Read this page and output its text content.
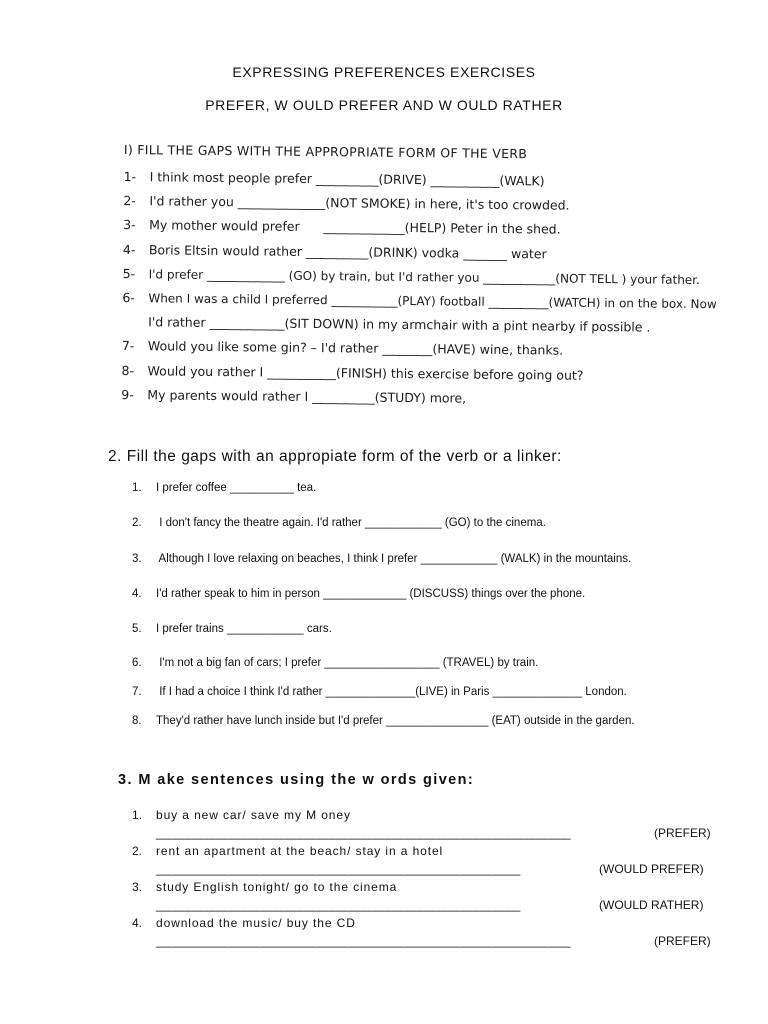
EXPRESSING PREFERENCES EXERCISES
PREFER, W OULD PREFER AND W OULD RATHER
I) FILL THE GAPS WITH THE APPROPRIATE FORM OF THE VERB
1-	I think most people prefer __________(DRIVE) ___________(WALK)
2-	I'd rather you ______________(NOT SMOKE) in here, it's too crowded.
3-	My mother would prefer      _____________(HELP) Peter in the shed.
4-	Boris Eltsin would rather __________(DRINK) vodka _______ water
5-	I'd prefer _____________ (GO) by train, but I'd rather you ____________(NOT TELL ) your father.
6-	When I was a child I preferred ___________(PLAY) football __________(WATCH) in on the box. Now
I'd rather ____________(SIT DOWN) in my armchair with a pint nearby if possible .
7-	Would you like some gin? – I'd rather ________(HAVE) wine, thanks.
8-	Would you rather I ___________(FINISH) this exercise before going out?
9-	My parents would rather I __________(STUDY) more,
2. Fill the gaps with an appropiate form of the verb or a linker:
1. I prefer coffee __________ tea.
2. I don't fancy the theatre again. I'd rather ____________ (GO) to the cinema.
3. Although I love relaxing on beaches, I think I prefer ____________ (WALK) in the mountains.
4. I'd rather speak to him in person _____________ (DISCUSS) things over the phone.
5. I prefer trains ____________ cars.
6. I'm not a big fan of cars; I prefer __________________ (TRAVEL) by train.
7. If I had a choice I think I'd rather ______________(LIVE) in Paris ______________ London.
8. They'd rather have lunch inside but I'd prefer ________________ (EAT) outside in the garden.
3. M ake sentences using the w ords given:
1. buy a new car/ save my M oney
__________________________________________________________________	(PREFER)
2. rent an apartment at the beach/ stay in a hotel
__________________________________________________________	(WOULD PREFER)
3. study English tonight/ go to the cinema
__________________________________________________________	(WOULD RATHER)
4. download the music/ buy the CD
__________________________________________________________________	(PREFER)
